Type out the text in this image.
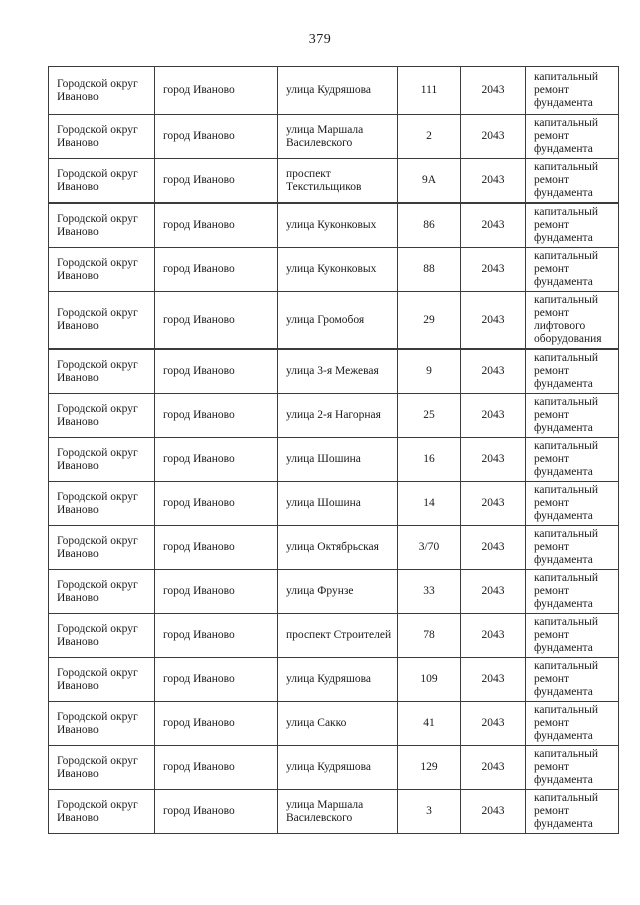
379
Городской округ Иваново	город Иваново	улица Кудряшова	111	2043	капитальный ремонт фундамента
Городской округ Иваново	город Иваново	улица Маршала Василевского	2	2043	капитальный ремонт фундамента
Городской округ Иваново	город Иваново	проспект Текстильщиков	9А	2043	капитальный ремонт фундамента
Городской округ Иваново	город Иваново	улица Куконковых	86	2043	капитальный ремонт фундамента
Городской округ Иваново	город Иваново	улица Куконковых	88	2043	капитальный ремонт фундамента
Городской округ Иваново	город Иваново	улица Громобоя	29	2043	капитальный ремонт лифтового оборудования
Городской округ Иваново	город Иваново	улица 3-я Межевая	9	2043	капитальный ремонт фундамента
Городской округ Иваново	город Иваново	улица 2-я Нагорная	25	2043	капитальный ремонт фундамента
Городской округ Иваново	город Иваново	улица Шошина	16	2043	капитальный ремонт фундамента
Городской округ Иваново	город Иваново	улица Шошина	14	2043	капитальный ремонт фундамента
Городской округ Иваново	город Иваново	улица Октябрьская	3/70	2043	капитальный ремонт фундамента
Городской округ Иваново	город Иваново	улица Фрунзе	33	2043	капитальный ремонт фундамента
Городской округ Иваново	город Иваново	проспект Строителей	78	2043	капитальный ремонт фундамента
Городской округ Иваново	город Иваново	улица Кудряшова	109	2043	капитальный ремонт фундамента
Городской округ Иваново	город Иваново	улица Сакко	41	2043	капитальный ремонт фундамента
Городской округ Иваново	город Иваново	улица Кудряшова	129	2043	капитальный ремонт фундамента
Городской округ Иваново	город Иваново	улица Маршала Василевского	3	2043	капитальный ремонт фундамента
